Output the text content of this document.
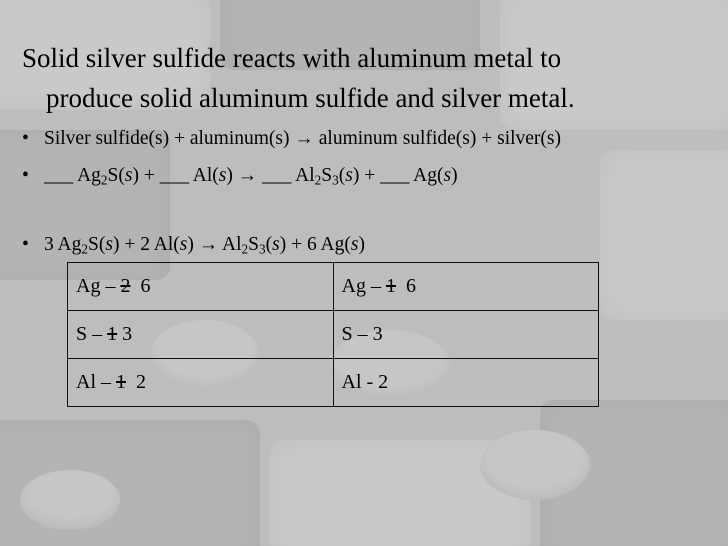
Solid silver sulfide reacts with aluminum metal to
produce solid aluminum sulfide and silver metal.
• Silver sulfide(s) + aluminum(s) → aluminum sulfide(s) + silver(s)
• ___ $Ag_2S(s)$ + ___ Al(s) → ___ $Al_2S_3(s)$ + ___ Ag(s)
• 3 $Ag_2S(s) + 2$ $Al(s) \to Al_2S_3(s) + 6$ Ag(s)
Ag – 2  6	Ag – 1  6
S – 1 3	S – 3
Al – 1  2	Al - 2
